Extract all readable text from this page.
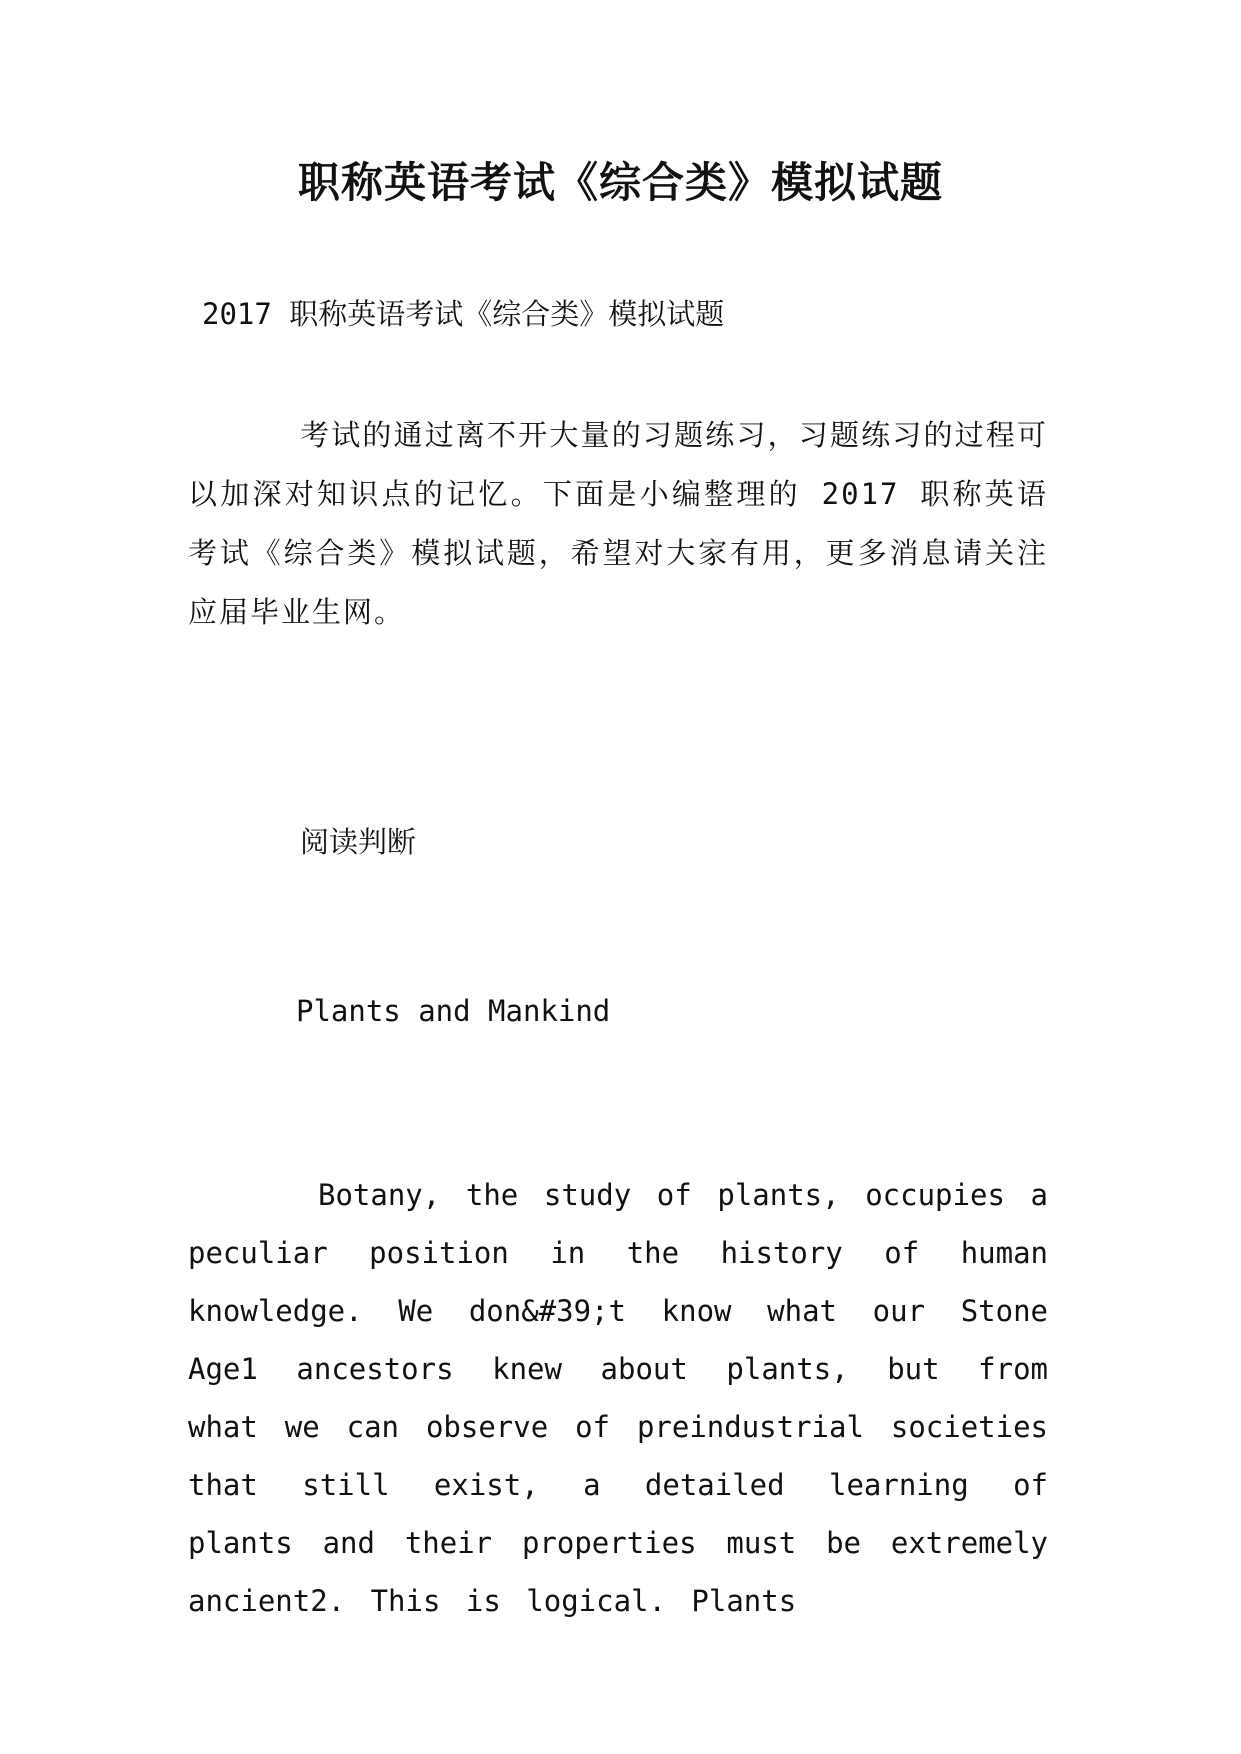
职称英语考试《综合类》模拟试题
2017 职称英语考试《综合类》模拟试题
考试的通过离不开大量的习题练习，习题练习的过程可以加深对知识点的记忆。下面是小编整理的 2017 职称英语考试《综合类》模拟试题，希望对大家有用，更多消息请关注应届毕业生网。
阅读判断
Plants and Mankind
Botany, the study of plants, occupies a peculiar position in the history of human knowledge. We don&#39;t know what our Stone Age1 ancestors knew about plants, but from what we can observe of preindustrial societies that still exist, a detailed learning of plants and their properties must be extremely ancient2. This is logical. Plants
